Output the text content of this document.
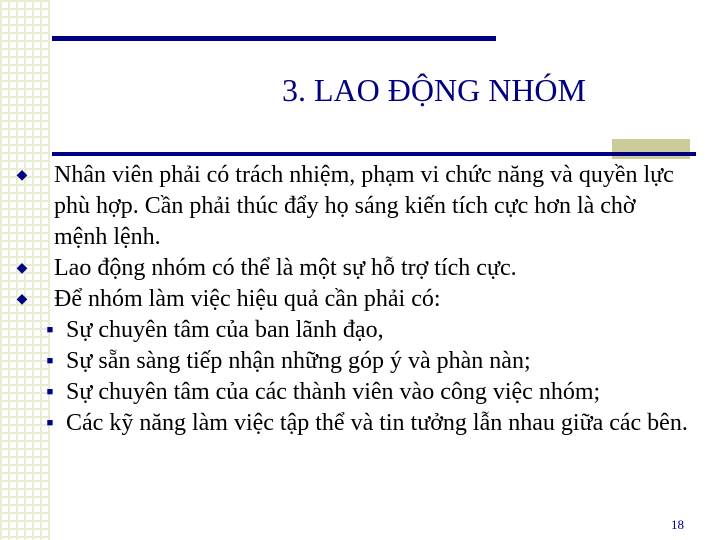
3. LAO ĐỘNG NHÓM
◆ Nhân viên phải có trách nhiệm, phạm vi chức năng và quyền lực phù hợp. Cần phải thúc đẩy họ sáng kiến tích cực hơn là chờ mệnh lệnh.
◆ Lao động nhóm có thể là một sự hỗ trợ tích cực.
◆ Để nhóm làm việc hiệu quả cần phải có:
■ Sự chuyên tâm của ban lãnh đạo,
■ Sự sẵn sàng tiếp nhận những góp ý và phàn nàn;
■ Sự chuyên tâm của các thành viên vào công việc nhóm;
■ Các kỹ năng làm việc tập thể và tin tưởng lẫn nhau giữa các bên.
18
